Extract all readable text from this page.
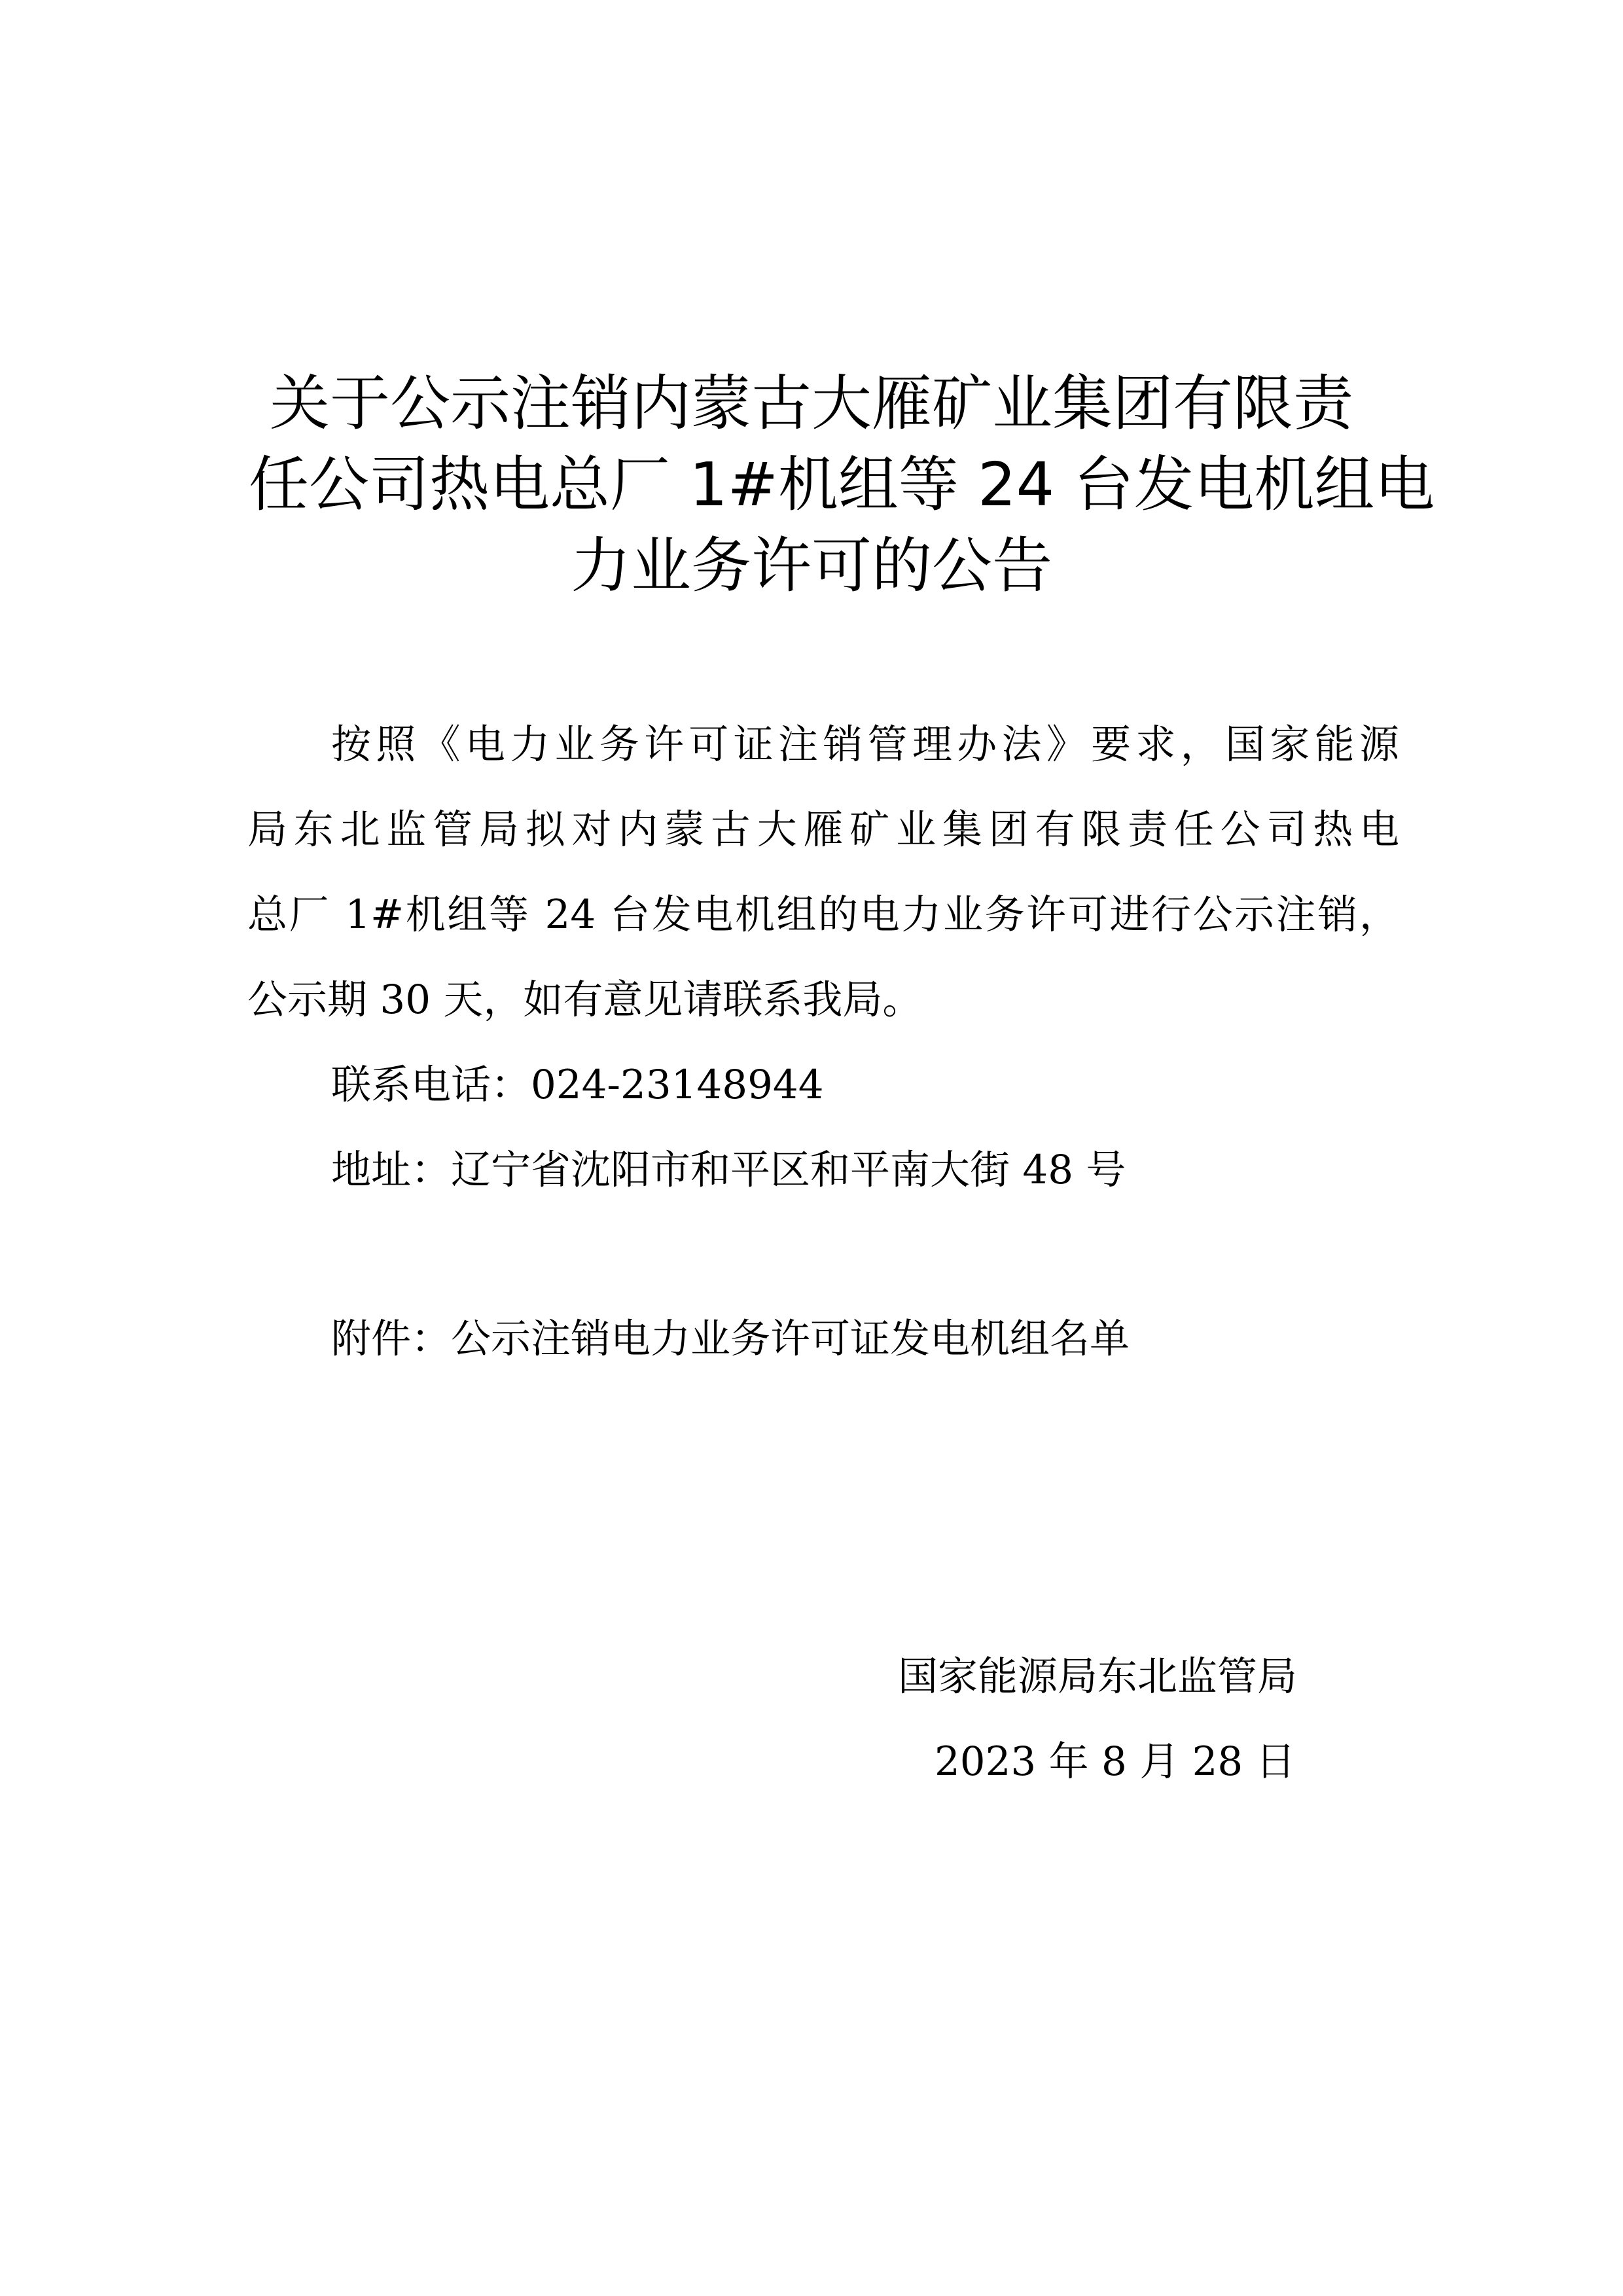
关于公示注销内蒙古大雁矿业集团有限责
任公司热电总厂 1#机组等 24 台发电机组电
力业务许可的公告
按照《电力业务许可证注销管理办法》要求，国家能源
局东北监管局拟对内蒙古大雁矿业集团有限责任公司热电
总厂 1#机组等 24 台发电机组的电力业务许可进行公示注销，
公示期 30 天，如有意见请联系我局。
联系电话：024-23148944
地址：辽宁省沈阳市和平区和平南大街 48 号
附件：公示注销电力业务许可证发电机组名单
国家能源局东北监管局
2023 年 8 月 28 日
